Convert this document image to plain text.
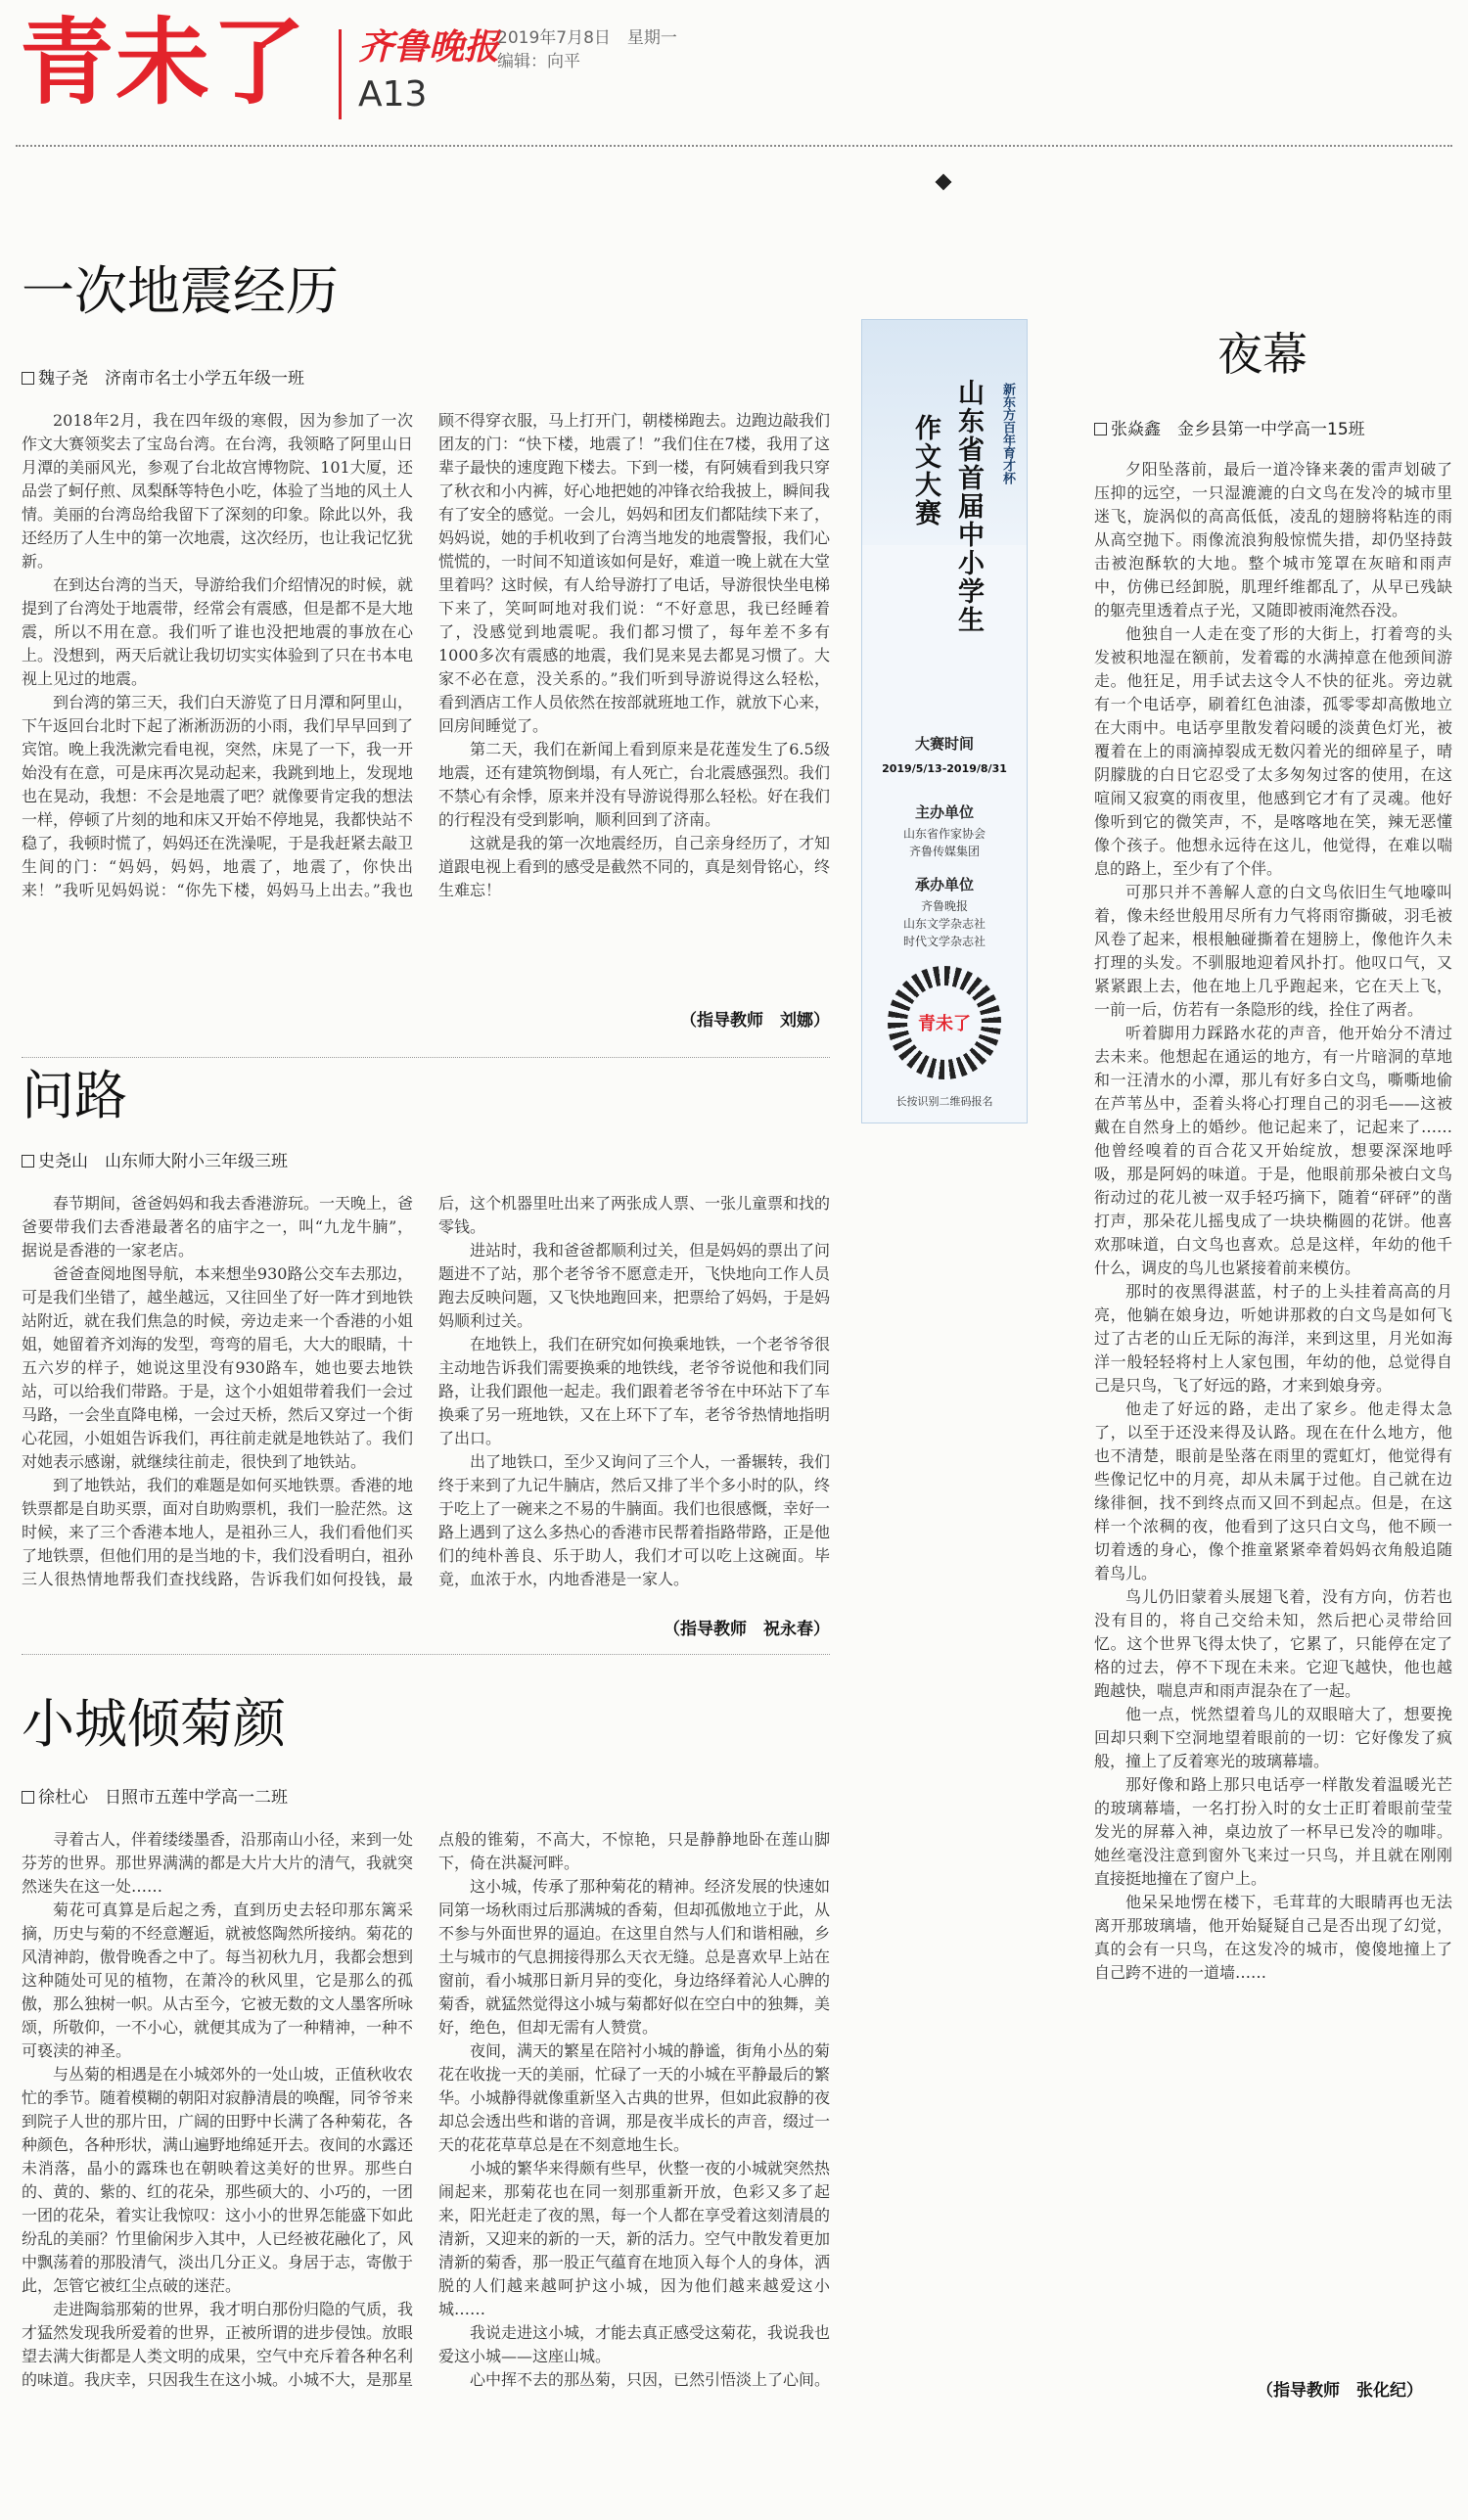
青未了 齐鲁晚报
A13
2019年7月8日　星期一
编辑：向平
一次地震经历
魏子尧　济南市名士小学五年级一班

2018年2月，我在四年级的寒假，因为参加了一次作文大赛领奖去了宝岛台湾。在台湾，我领略了阿里山日月潭的美丽风光，参观了台北故宫博物院、101大厦，还品尝了蚵仔煎、凤梨酥等特色小吃，体验了当地的风土人情。美丽的台湾岛给我留下了深刻的印象。除此以外，我还经历了人生中的第一次地震，这次经历，也让我记忆犹新。

在到达台湾的当天，导游给我们介绍情况的时候，就提到了台湾处于地震带，经常会有震感，但是都不是大地震，所以不用在意。我们听了谁也没把地震的事放在心上。没想到，两天后就让我切切实实体验到了只在书本电视上见过的地震。

到台湾的第三天，我们白天游览了日月潭和阿里山，下午返回台北时下起了淅淅沥沥的小雨，我们早早回到了宾馆。晚上我洗漱完看电视，突然，床晃了一下，我一开始没有在意，可是床再次晃动起来，我跳到地上，发现地也在晃动，我想：不会是地震了吧？就像要肯定我的想法一样，停顿了片刻的地和床又开始不停地晃，我都快站不稳了，我顿时慌了，妈妈还在洗澡呢，于是我赶紧去敲卫生间的门：“妈妈，妈妈，地震了，地震了，你快出来！”我听见妈妈说：“你先下楼，妈妈马上出去。”我也顾不得穿衣服，马上打开门，朝楼梯跑去。边跑边敲我们团友的门：“快下楼，地震了！”我们住在7楼，我用了这辈子最快的速度跑下楼去。下到一楼，有阿姨看到我只穿了秋衣和小内裤，好心地把她的冲锋衣给我披上，瞬间我有了安全的感觉。一会儿，妈妈和团友们都陆续下来了，妈妈说，她的手机收到了台湾当地发的地震警报，我们心慌慌的，一时间不知道该如何是好，难道一晚上就在大堂里着吗？这时候，有人给导游打了电话，导游很快坐电梯下来了，笑呵呵地对我们说：“不好意思，我已经睡着了，没感觉到地震呢。我们都习惯了，每年差不多有1000多次有震感的地震，我们晃来晃去都晃习惯了。大家不必在意，没关系的。”我们听到导游说得这么轻松，看到酒店工作人员依然在按部就班地工作，就放下心来，回房间睡觉了。

第二天，我们在新闻上看到原来是花莲发生了6.5级地震，还有建筑物倒塌，有人死亡，台北震感强烈。我们不禁心有余悸，原来并没有导游说得那么轻松。好在我们的行程没有受到影响，顺利回到了济南。

这就是我的第一次地震经历，自己亲身经历了，才知道跟电视上看到的感受是截然不同的，真是刻骨铭心，终生难忘！

（指导教师　刘娜）
问路
史尧山　山东师大附小三年级三班

春节期间，爸爸妈妈和我去香港游玩。一天晚上，爸爸要带我们去香港最著名的庙宇之一，叫“九龙牛腩”，据说是香港的一家老店。

爸爸查阅地图导航，本来想坐930路公交车去那边，可是我们坐错了，越坐越远，又往回坐了好一阵才到地铁站附近，就在我们焦急的时候，旁边走来一个香港的小姐姐，她留着齐刘海的发型，弯弯的眉毛，大大的眼睛，十五六岁的样子，她说这里没有930路车，她也要去地铁站，可以给我们带路。于是，这个小姐姐带着我们一会过马路，一会坐直降电梯，一会过天桥，然后又穿过一个街心花园，小姐姐告诉我们，再往前走就是地铁站了。我们对她表示感谢，就继续往前走，很快到了地铁站。

到了地铁站，我们的难题是如何买地铁票。香港的地铁票都是自助买票，面对自助购票机，我们一脸茫然。这时候，来了三个香港本地人，是祖孙三人，我们看他们买了地铁票，但他们用的是当地的卡，我们没看明白，祖孙三人很热情地帮我们查找线路，告诉我们如何投钱，最后，这个机器里吐出来了两张成人票、一张儿童票和找的零钱。

进站时，我和爸爸都顺利过关，但是妈妈的票出了问题进不了站，那个老爷爷不愿意走开，飞快地向工作人员跑去反映问题，又飞快地跑回来，把票给了妈妈，于是妈妈顺利过关。

在地铁上，我们在研究如何换乘地铁，一个老爷爷很主动地告诉我们需要换乘的地铁线，老爷爷说他和我们同路，让我们跟他一起走。我们跟着老爷爷在中环站下了车换乘了另一班地铁，又在上环下了车，老爷爷热情地指明了出口。

出了地铁口，至少又询问了三个人，一番辗转，我们终于来到了九记牛腩店，然后又排了半个多小时的队，终于吃上了一碗来之不易的牛腩面。我们也很感慨，幸好一路上遇到了这么多热心的香港市民帮着指路带路，正是他们的纯朴善良、乐于助人，我们才可以吃上这碗面。毕竟，血浓于水，内地香港是一家人。

（指导教师　祝永春）
小城倾菊颜
徐杜心　日照市五莲中学高一二班

寻着古人，伴着缕缕墨香，沿那南山小径，来到一处芬芳的世界。那世界满满的都是大片大片的清气，我就突然迷失在这一处……

菊花可真算是后起之秀，直到历史去轻印那东篱采摘，历史与菊的不经意邂逅，就被悠陶然所接纳。菊花的风清神韵，傲骨晚香之中了。每当初秋九月，我都会想到这种随处可见的植物，在萧冷的秋风里，它是那么的孤傲，那么独树一帜。从古至今，它被无数的文人墨客所咏颂，所敬仰，一不小心，就便其成为了一种精神，一种不可亵渎的神圣。

与丛菊的相遇是在小城郊外的一处山坡，正值秋收农忙的季节。随着模糊的朝阳对寂静清晨的唤醒，同爷爷来到院子人世的那片田，广阔的田野中长满了各种菊花，各种颜色，各种形状，满山遍野地绵延开去。夜间的水露还未消落，晶小的露珠也在朝映着这美好的世界。那些白的、黄的、紫的、红的花朵，那些硕大的、小巧的，一团一团的花朵，着实让我惊叹：这小小的世界怎能盛下如此纷乱的美丽？竹里偷闲步入其中，人已经被花融化了，风中飘荡着的那股清气，淡出几分正义。身居于志，寄傲于此，怎管它被红尘点破的迷茫。

走进陶翁那菊的世界，我才明白那份归隐的气质，我才猛然发现我所爱着的世界，正被所谓的进步侵蚀。放眼望去满大街都是人类文明的成果，空气中充斥着各种名利的味道。我庆幸，只因我生在这小城。小城不大，是那星点般的锥菊，不高大，不惊艳，只是静静地卧在莲山脚下，倚在洪凝河畔。

这小城，传承了那种菊花的精神。经济发展的快速如同第一场秋雨过后那满城的香菊，但却孤傲地立于此，从不参与外面世界的逼迫。在这里自然与人们和谐相融，乡土与城市的气息拥接得那么天衣无缝。总是喜欢早上站在窗前，看小城那日新月异的变化，身边络绎着沁人心脾的菊香，就猛然觉得这小城与菊都好似在空白中的独舞，美好，绝色，但却无需有人赞赏。

夜间，满天的繁星在陪衬小城的静谧，街角小丛的菊花在收拢一天的美丽，忙碌了一天的小城在平静最后的繁华。小城静得就像重新坚入古典的世界，但如此寂静的夜却总会透出些和谐的音调，那是夜半成长的声音，缀过一天的花花草草总是在不刻意地生长。

小城的繁华来得颇有些早，伙整一夜的小城就突然热闹起来，那菊花也在同一刻那重新开放，色彩又多了起来，阳光赶走了夜的黑，每一个人都在享受着这刻清晨的清新，又迎来的新的一天，新的活力。空气中散发着更加清新的菊香，那一股正气蕴育在地顶入每个人的身体，洒脱的人们越来越呵护这小城，因为他们越来越爱这小城……

我说走进这小城，才能去真正感受这菊花，我说我也爱这小城——这座山城。

心中挥不去的那丛菊，只因，已然引悟淡上了心间。

新东方百年育才杯
山东省首届中小学生
作文大赛
大赛时间
2019/5/13-2019/8/31
主办单位
山东省作家协会
齐鲁传媒集团
承办单位
齐鲁晚报
山东文学杂志社
时代文学杂志社
青未了
长按识别二维码报名
夜幕
张焱鑫　金乡县第一中学高一15班

夕阳坠落前，最后一道冷锋来袭的雷声划破了压抑的远空，一只湿漉漉的白文鸟在发冷的城市里迷飞，旋涡似的高高低低，凌乱的翅膀将粘连的雨从高空抛下。雨像流浪狗般惊慌失措，却仍坚持鼓击被泡酥软的大地。整个城市笼罩在灰暗和雨声中，仿佛已经卸脱，肌理纤维都乱了，从早已残缺的躯壳里透着点子光，又随即被雨淹然吞没。

他独自一人走在变了形的大街上，打着弯的头发被积地湿在额前，发着霉的水满掉意在他颈间游走。他狂足，用手试去这令人不快的征兆。旁边就有一个电话亭，刷着红色油漆，孤零零却高傲地立在大雨中。电话亭里散发着闷暖的淡黄色灯光，被覆着在上的雨滴掉裂成无数闪着光的细碎星子，晴阴朦胧的白日它忍受了太多匆匆过客的使用，在这喧闹又寂寞的雨夜里，他感到它才有了灵魂。他好像听到它的微笑声，不，是喀喀地在笑，辣无恶懂像个孩子。他想永远待在这儿，他觉得，在难以喘息的路上，至少有了个伴。

可那只并不善解人意的白文鸟依旧生气地嚎叫着，像未经世般用尽所有力气将雨帘撕破，羽毛被风卷了起来，根根触碰撕着在翅膀上，像他许久未打理的头发。不驯服地迎着风扑打。他叹口气，又紧紧跟上去，他在地上几乎跑起来，它在天上飞，一前一后，仿若有一条隐形的线，拴住了两者。

听着脚用力踩路水花的声音，他开始分不清过去未来。他想起在通运的地方，有一片暗洞的草地和一汪清水的小潭，那儿有好多白文鸟，嘶嘶地偷在芦苇丛中，歪着头将心打理自己的羽毛——这被戴在自然身上的婚纱。他记起来了，记起来了……他曾经嗅着的百合花又开始绽放，想要深深地呼吸，那是阿妈的味道。于是，他眼前那朵被白文鸟衔动过的花儿被一双手轻巧摘下，随着“砰砰”的凿打声，那朵花儿摇曳成了一块块椭圆的花饼。他喜欢那味道，白文鸟也喜欢。总是这样，年幼的他千什么，调皮的鸟儿也紧接着前来模仿。

那时的夜黑得湛蓝，村子的上头挂着高高的月亮，他躺在娘身边，听她讲那救的白文鸟是如何飞过了古老的山丘无际的海洋，来到这里，月光如海洋一般轻轻将村上人家包围，年幼的他，总觉得自己是只鸟，飞了好远的路，才来到娘身旁。

他走了好远的路，走出了家乡。他走得太急了，以至于还没来得及认路。现在在什么地方，他也不清楚，眼前是坠落在雨里的霓虹灯，他觉得有些像记忆中的月亮，却从未属于过他。自己就在边缘徘徊，找不到终点而又回不到起点。但是，在这样一个浓稠的夜，他看到了这只白文鸟，他不顾一切着透的身心，像个推童紧紧牵着妈妈衣角般追随着鸟儿。

鸟儿仍旧蒙着头展翅飞着，没有方向，仿若也没有目的，将自己交给未知，然后把心灵带给回忆。这个世界飞得太快了，它累了，只能停在定了格的过去，停不下现在未来。它迎飞越快，他也越跑越快，喘息声和雨声混杂在了一起。

他一点，恍然望着鸟儿的双眼暗大了，想要挽回却只剩下空洞地望着眼前的一切：它好像发了疯般，撞上了反着寒光的玻璃幕墙。

那好像和路上那只电话亭一样散发着温暖光芒的玻璃幕墙，一名打扮入时的女士正盯着眼前莹莹发光的屏幕入神，桌边放了一杯早已发冷的咖啡。她丝毫没注意到窗外飞来过一只鸟，并且就在刚刚直接挺地撞在了窗户上。

他呆呆地愣在楼下，毛茸茸的大眼睛再也无法离开那玻璃墙，他开始疑疑自己是否出现了幻觉，真的会有一只鸟，在这发冷的城市，傻傻地撞上了自己跨不进的一道墙……

（指导教师　张化纪）
